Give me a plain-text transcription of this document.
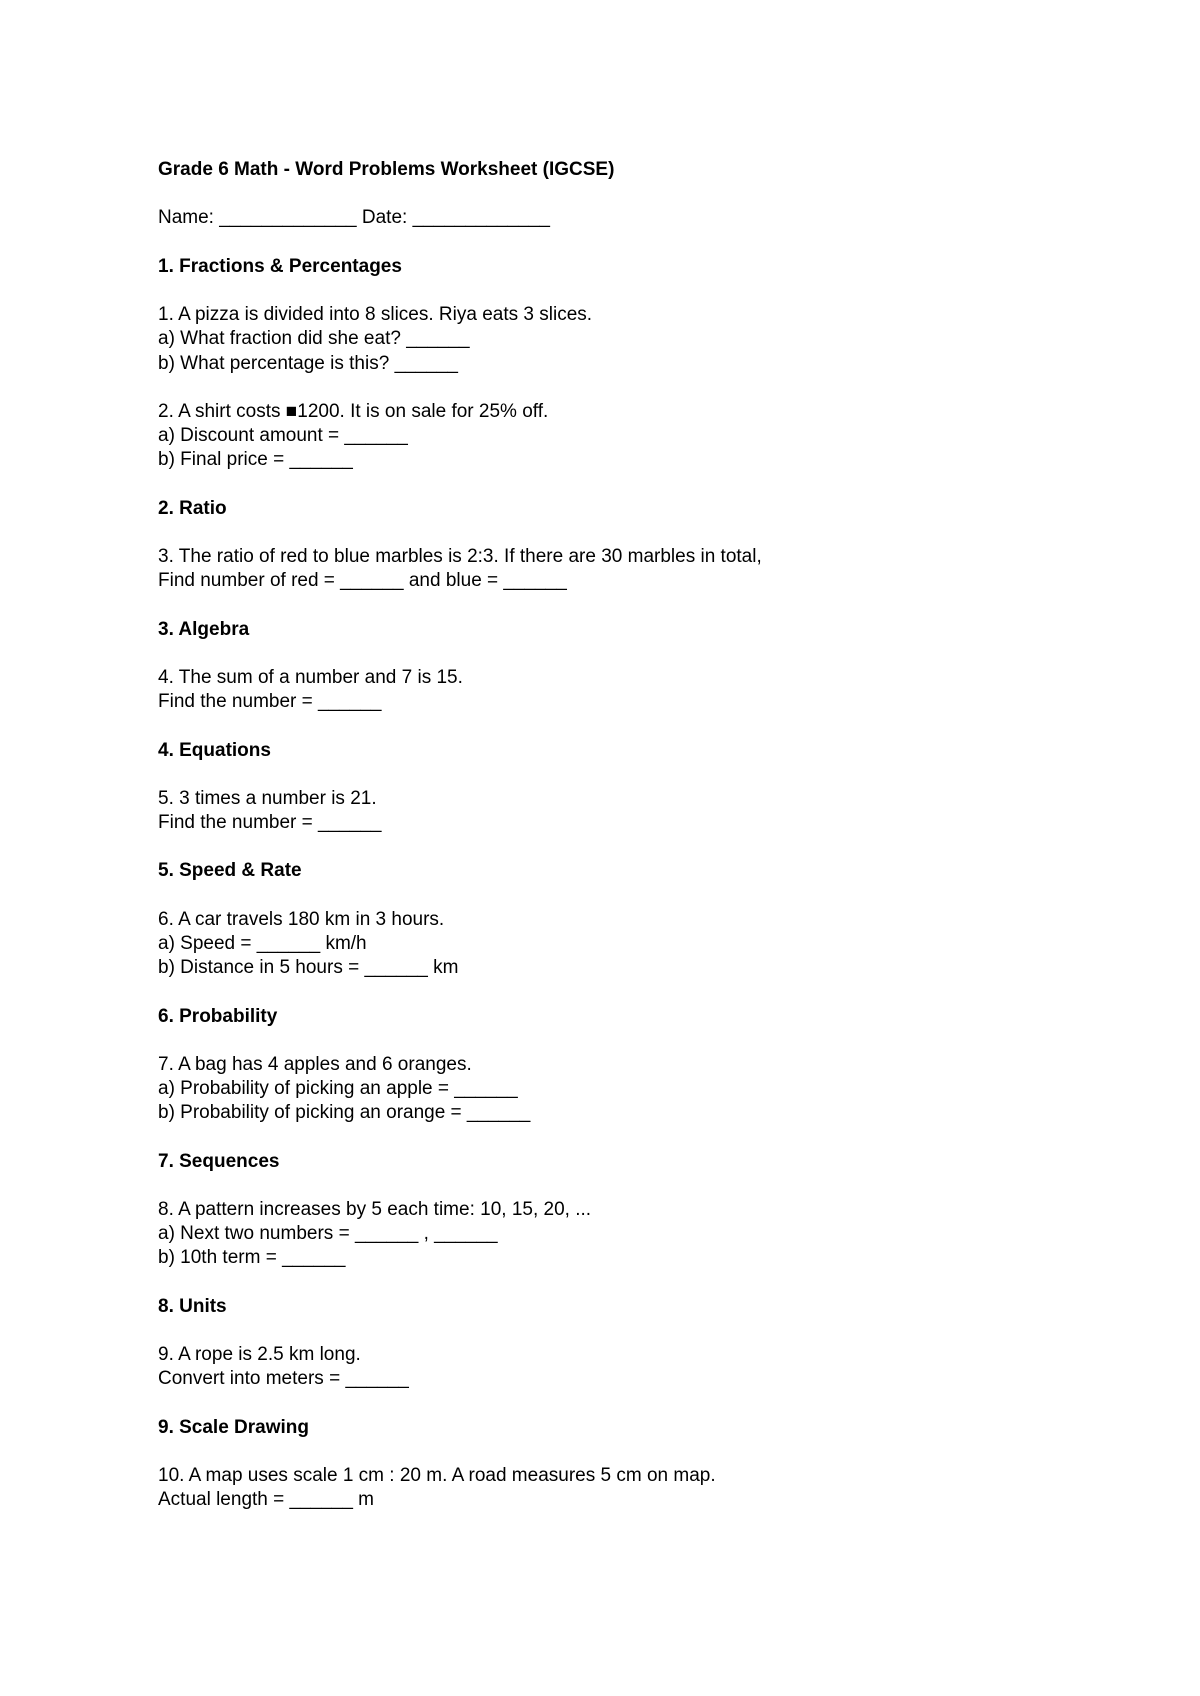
Grade 6 Math - Word Problems Worksheet (IGCSE)
Name: _____________ Date: _____________
1. Fractions & Percentages
1. A pizza is divided into 8 slices. Riya eats 3 slices.
a) What fraction did she eat? ______
b) What percentage is this? ______
2. A shirt costs ■1200. It is on sale for 25% off.
a) Discount amount = ______
b) Final price = ______
2. Ratio
3. The ratio of red to blue marbles is 2:3. If there are 30 marbles in total,
Find number of red = ______ and blue = ______
3. Algebra
4. The sum of a number and 7 is 15.
Find the number = ______
4. Equations
5. 3 times a number is 21.
Find the number = ______
5. Speed & Rate
6. A car travels 180 km in 3 hours.
a) Speed = ______ km/h
b) Distance in 5 hours = ______ km
6. Probability
7. A bag has 4 apples and 6 oranges.
a) Probability of picking an apple = ______
b) Probability of picking an orange = ______
7. Sequences
8. A pattern increases by 5 each time: 10, 15, 20, ...
a) Next two numbers = ______ , ______
b) 10th term = ______
8. Units
9. A rope is 2.5 km long.
Convert into meters = ______
9. Scale Drawing
10. A map uses scale 1 cm : 20 m. A road measures 5 cm on map.
Actual length = ______ m
